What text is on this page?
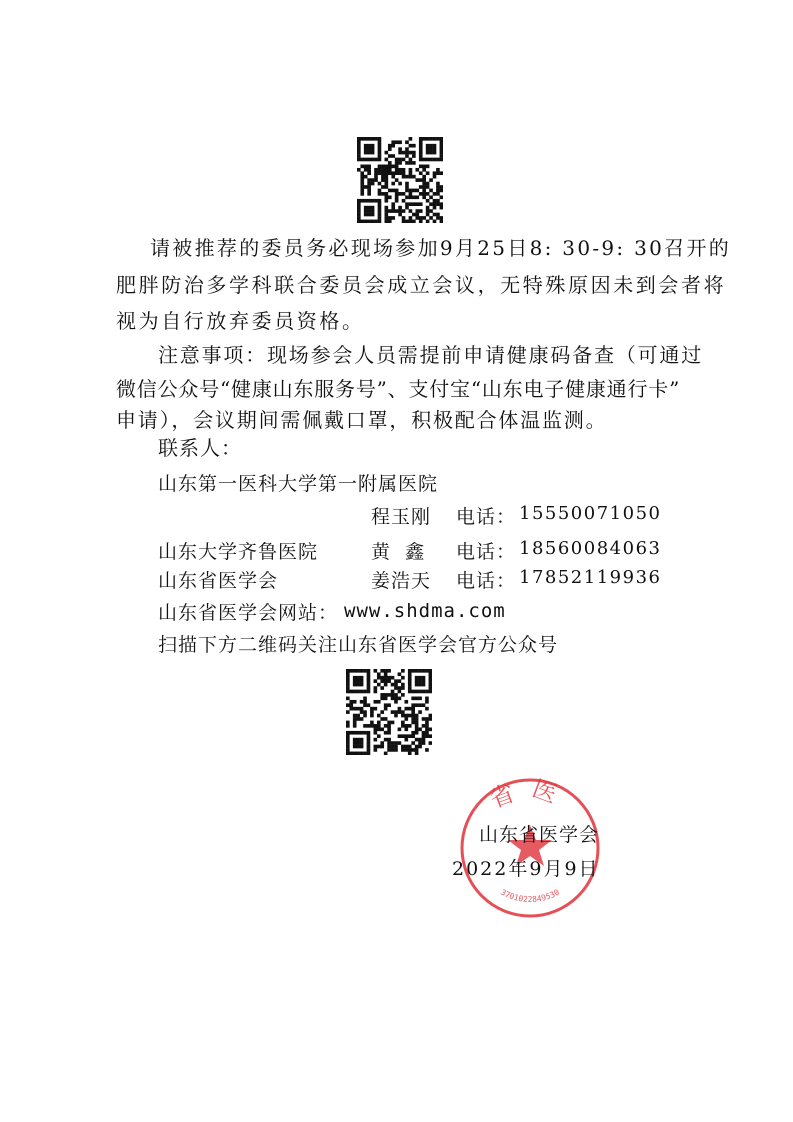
请被推荐的委员务必现场参加9月25日8: 30-9: 30召开的
肥胖防治多学科联合委员会成立会议，无特殊原因未到会者将
视为自行放弃委员资格。
注意事项：现场参会人员需提前申请健康码备查（可通过
微信公众号“健康山东服务号”、支付宝“山东电子健康通行卡”
申请），会议期间需佩戴口罩，积极配合体温监测。
联系人：
山东第一医科大学第一附属医院
程玉刚 电话： 15550071050
山东大学齐鲁医院	黄  鑫 电话： 18560084063
山东省医学会	姜浩天 电话： 17852119936
山东省医学会网站： www.shdma.com
扫描下方二维码关注山东省医学会官方公众号
省医
3701022849530
山东省医学会
2022年9月9日
